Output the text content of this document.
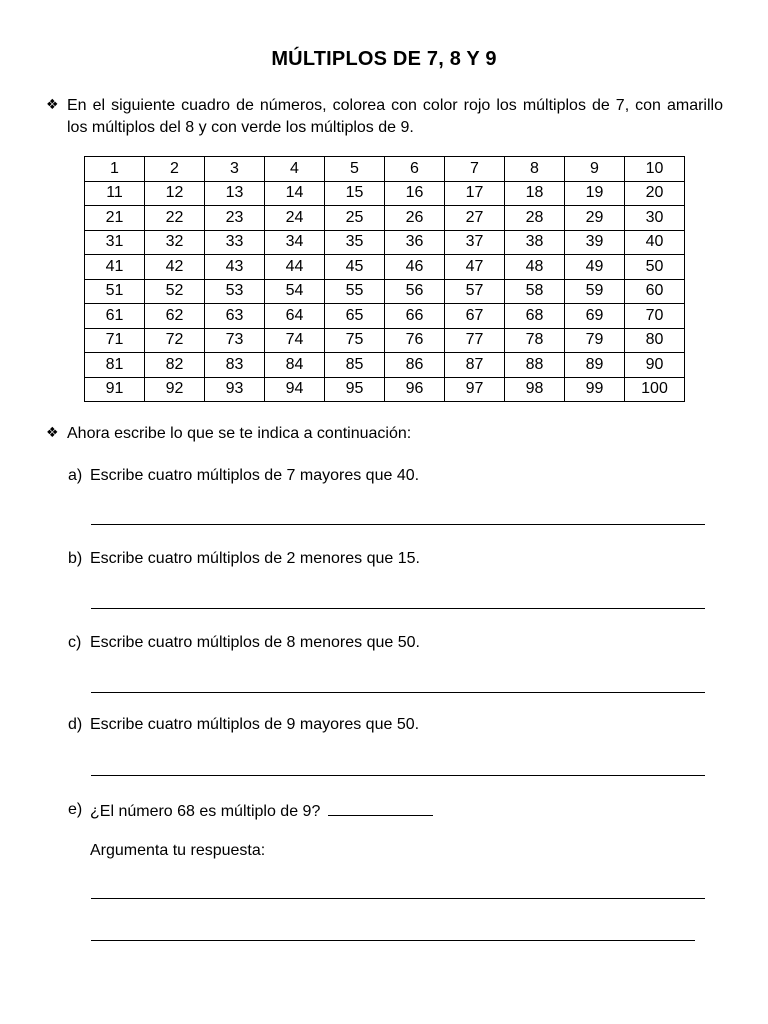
MÚLTIPLOS DE 7, 8 Y 9
❖ En el siguiente cuadro de números, colorea con color rojo los múltiplos de 7, con amarillo los múltiplos del 8 y con verde los múltiplos de 9.
1	2	3	4	5	6	7	8	9	10
11	12	13	14	15	16	17	18	19	20
21	22	23	24	25	26	27	28	29	30
31	32	33	34	35	36	37	38	39	40
41	42	43	44	45	46	47	48	49	50
51	52	53	54	55	56	57	58	59	60
61	62	63	64	65	66	67	68	69	70
71	72	73	74	75	76	77	78	79	80
81	82	83	84	85	86	87	88	89	90
91	92	93	94	95	96	97	98	99	100
❖ Ahora escribe lo que se te indica a continuación:
a) Escribe cuatro múltiplos de 7 mayores que 40.
b) Escribe cuatro múltiplos de 2 menores que 15.
c) Escribe cuatro múltiplos de 8 menores que 50.
d) Escribe cuatro múltiplos de 9 mayores que 50.
e) ¿El número 68 es múltiplo de 9?
Argumenta tu respuesta:
